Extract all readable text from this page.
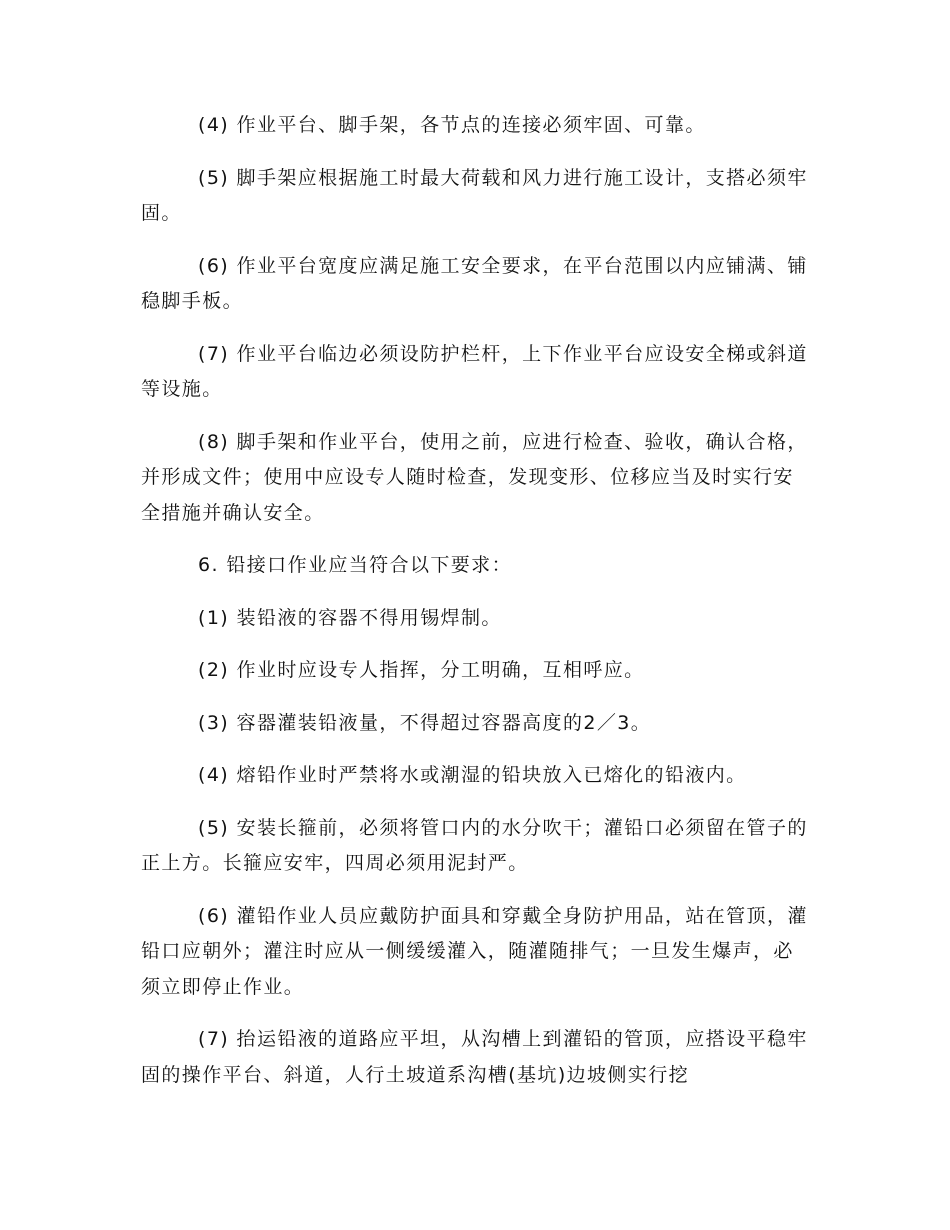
(4) 作业平台、脚手架，各节点的连接必须牢固、可靠。

(5) 脚手架应根据施工时最大荷载和风力进行施工设计，支搭必须牢固。

(6) 作业平台宽度应满足施工安全要求，在平台范围以内应铺满、铺稳脚手板。

(7) 作业平台临边必须设防护栏杆，上下作业平台应设安全梯或斜道等设施。

(8) 脚手架和作业平台，使用之前，应进行检查、验收，确认合格，并形成文件；使用中应设专人随时检查，发现变形、位移应当及时实行安全措施并确认安全。

6. 铅接口作业应当符合以下要求：

(1) 装铅液的容器不得用锡焊制。

(2) 作业时应设专人指挥，分工明确，互相呼应。

(3) 容器灌装铅液量，不得超过容器高度的2／3。

(4) 熔铅作业时严禁将水或潮湿的铅块放入已熔化的铅液内。

(5) 安装长箍前，必须将管口内的水分吹干；灌铅口必须留在管子的正上方。长箍应安牢，四周必须用泥封严。

(6) 灌铅作业人员应戴防护面具和穿戴全身防护用品，站在管顶，灌铅口应朝外；灌注时应从一侧缓缓灌入，随灌随排气；一旦发生爆声，必须立即停止作业。

(7) 抬运铅液的道路应平坦，从沟槽上到灌铅的管顶，应搭设平稳牢固的操作平台、斜道，人行土坡道系沟槽(基坑)边坡侧实行挖
